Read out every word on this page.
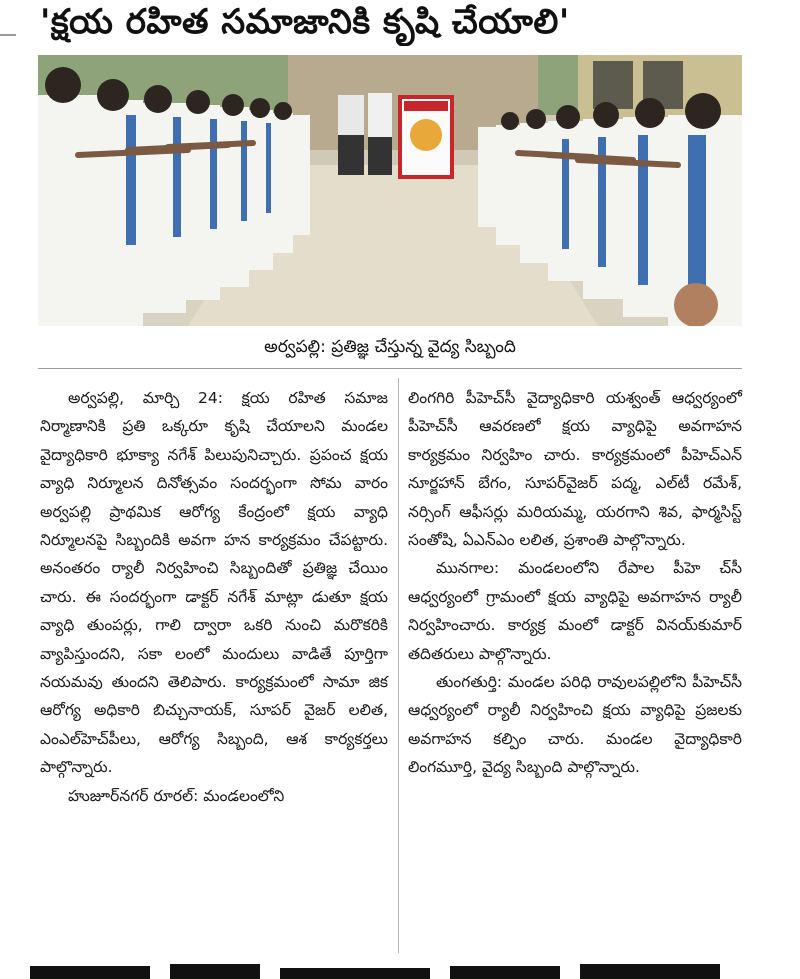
'క్షయ రహిత సమాజానికి కృషి చేయాలి'
అర్వపల్లి: ప్రతిజ్ఞ చేస్తున్న వైద్య సిబ్బంది

అర్వపల్లి, మార్చి 24: క్షయ రహిత సమాజ నిర్మాణానికి ప్రతి ఒక్కరూ కృషి చేయాలని మండల వైద్యాధికారి భూక్యా నగేశ్ పిలుపునిచ్చారు. ప్రపంచ క్షయ వ్యాధి నిర్మూలన దినోత్సవం సందర్భంగా సోమ వారం అర్వపల్లి ప్రాథమిక ఆరోగ్య కేంద్రంలో క్షయ వ్యాధి నిర్మూలనపై సిబ్బందికి అవగా హన కార్యక్రమం చేపట్టారు. అనంతరం ర్యాలీ నిర్వహించి సిబ్బందితో ప్రతిజ్ఞ చేయిం చారు. ఈ సందర్భంగా డాక్టర్ నగేశ్ మాట్లా డుతూ క్షయ వ్యాధి తుంపర్లు, గాలి ద్వారా ఒకరి నుంచి మరొకరికి వ్యాపిస్తుందని, సకా లంలో మందులు వాడితే పూర్తిగా నయమవు తుందని తెలిపారు. కార్యక్రమంలో సామా జిక ఆరోగ్య అధికారి బిచ్చునాయక్, సూపర్ వైజర్ లలిత, ఎంఎల్‌హెచ్‌పీలు, ఆరోగ్య సిబ్బంది, ఆశ కార్యకర్తలు పాల్గొన్నారు.

హుజూర్‌నగర్ రూరల్: మండలంలోని

లింగగిరి పీహెచ్‌సీ వైద్యాధికారి యశ్వంత్ ఆధ్వర్యంలో పీహెచ్‌సీ ఆవరణలో క్షయ వ్యాధిపై అవగాహన కార్యక్రమం నిర్వహిం చారు. కార్యక్రమంలో పీహెచ్‌ఎన్ నూర్జహాన్ బేగం, సూపర్‌వైజర్ పద్మ, ఎల్‌టీ రమేశ్, నర్సింగ్ ఆఫీసర్లు మరియమ్మ, యరగాని శివ, ఫార్మసిస్ట్ సంతోషి, ఏఎన్ఎం లలిత, ప్రశాంతి పాల్గొన్నారు.

మునగాల: మండలంలోని రేపాల పీహె చ్‌సీ ఆధ్వర్యంలో గ్రామంలో క్షయ వ్యాధిపై అవగాహన ర్యాలీ నిర్వహించారు. కార్యక్ర మంలో డాక్టర్ వినయ్‌కుమార్ తదితరులు పాల్గొన్నారు.

తుంగతుర్తి: మండల పరిధి రావులపల్లిలోని పీహెచ్‌సీ ఆధ్వర్యంలో ర్యాలీ నిర్వహించి క్షయ వ్యాధిపై ప్రజలకు అవగాహన కల్పిం చారు. మండల వైద్యాధికారి లింగమూర్తి, వైద్య సిబ్బంది పాల్గొన్నారు.
